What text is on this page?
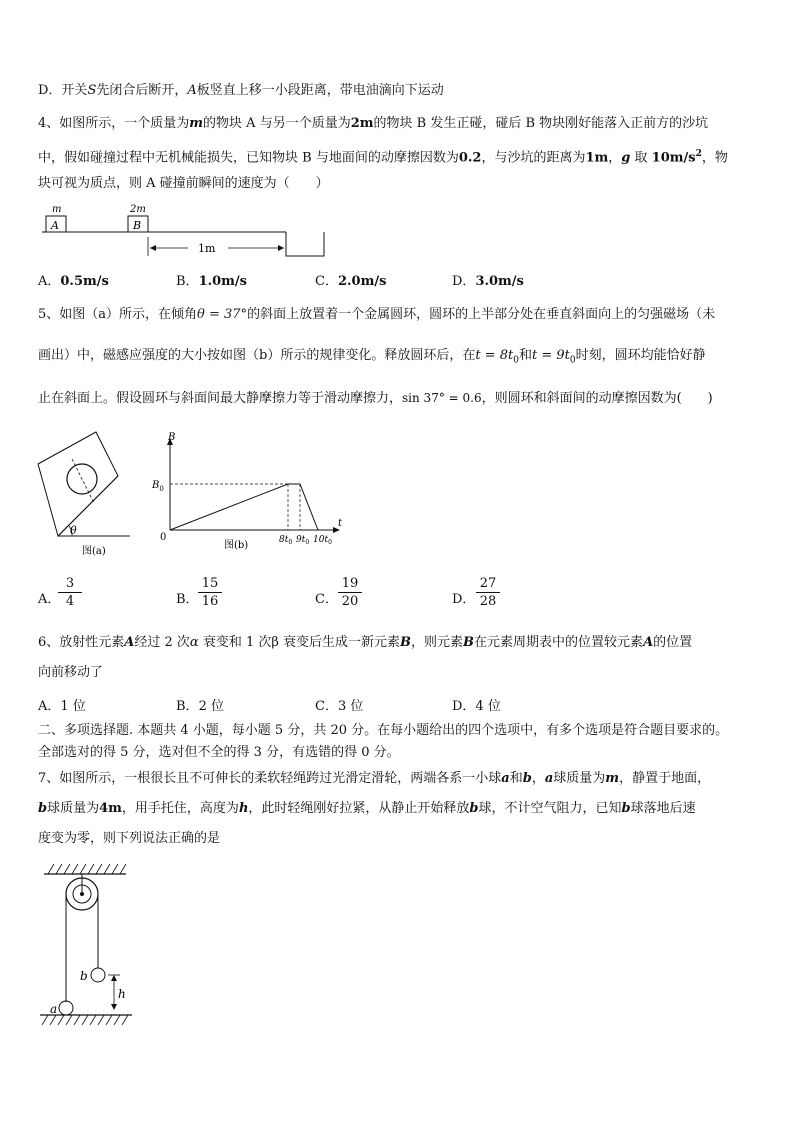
D．开关S先闭合后断开，A板竖直上移一小段距离，带电油滴向下运动
4、如图所示，一个质量为m的物块 A 与另一个质量为2m的物块 B 发生正碰，碰后 B 物块刚好能落入正前方的沙坑
中，假如碰撞过程中无机械能损失，已知物块 B 与地面间的动摩擦因数为0.2，与沙坑的距离为1m，g 取 $10m/s^2$，物
块可视为质点，则 A 碰撞前瞬间的速度为（　　）
m
A
2m
B
1m
A．0.5m/s	B．1.0m/s	C．2.0m/s	D．3.0m/s
5、如图（a）所示，在倾角θ = 37°的斜面上放置着一个金属圆环，圆环的上半部分处在垂直斜面向上的匀强磁场（未
画出）中，磁感应强度的大小按如图（b）所示的规律变化。释放圆环后，在$t = 8t_0$和$t = 9t_0$时刻，圆环均能恰好静
止在斜面上。假设圆环与斜面间最大静摩擦力等于滑动摩擦力，sin 37° = 0.6，则圆环和斜面间的动摩擦因数为(　　)
θ
图(a)
B
t
0
$B_0$
$8t_0$ $9t_0$ $10t_0$
图(b)
A．
$\frac{3}{4}$	B． $\frac{15}{16}$	C． $\frac{19}{20}$	D． $\frac{27}{28}$
6、放射性元素A经过 2 次α 衰变和 1 次β 衰变后生成一新元素B，则元素B在元素周期表中的位置较元素A的位置
向前移动了
A．1 位	B．2 位	C．3 位	D．4 位
二、多项选择题. 本题共 4 小题，每小题 5 分，共 20 分。在每小题给出的四个选项中，有多个选项是符合题目要求的。
全部选对的得 5 分，选对但不全的得 3 分，有选错的得 0 分。
7、如图所示，一根很长且不可伸长的柔软轻绳跨过光滑定滑轮，两端各系一小球a和b，a球质量为m，静置于地面，
b球质量为4m，用手托住，高度为h，此时轻绳刚好拉紧，从静止开始释放b球，不计空气阻力，已知b球落地后速
度变为零，则下列说法正确的是
b
h
a
